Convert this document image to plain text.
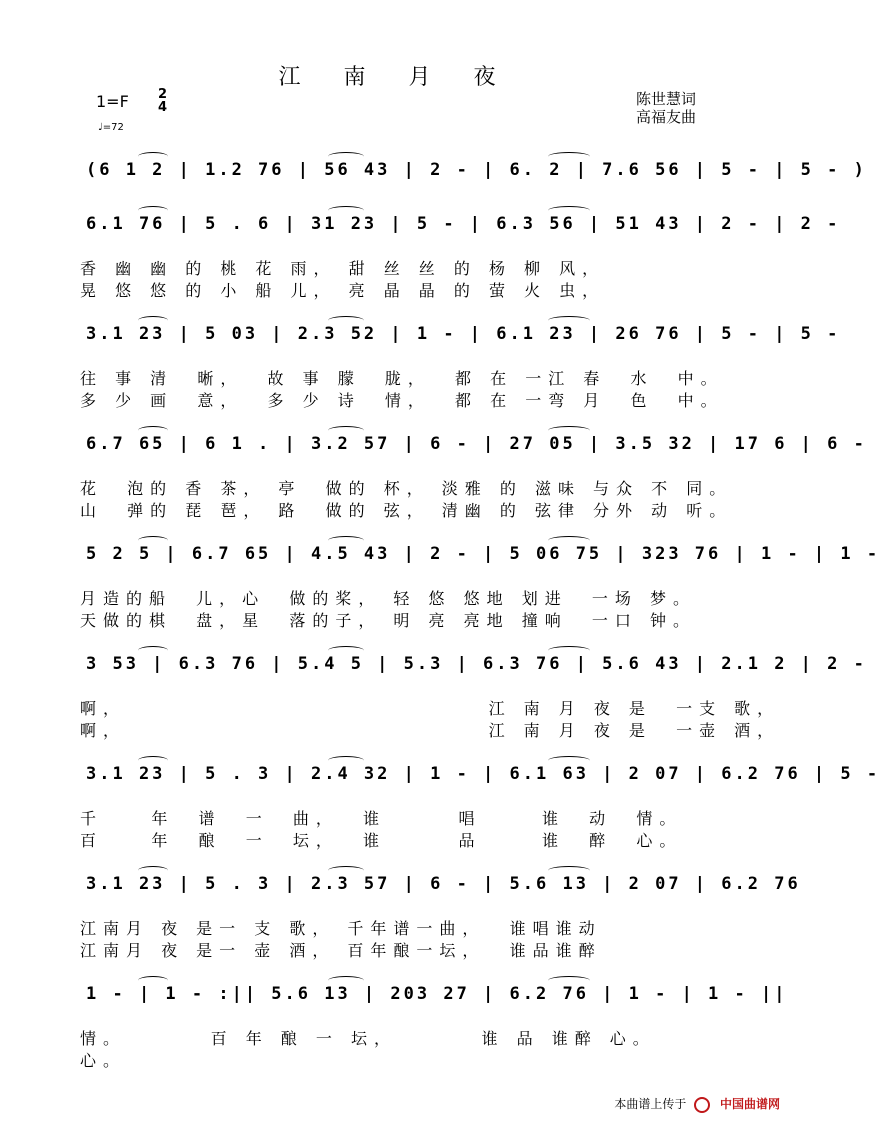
江 南 月 夜
1=F 2
4
♩=72
陈世慧词
高福友曲
(6 1 2 | 1.2 76 | 56 43 | 2 - | 6. 2 | 7.6 56 | 5 - | 5 - )
6.1 76 | 5 . 6 | 31 23 | 5 - | 6.3 56 | 51 43 | 2 - | 2 -
香 幽 幽 的 桃 花 雨， 甜 丝 丝 的 杨 柳 风，
晃 悠 悠 的 小 船 儿， 亮 晶 晶 的 萤 火 虫，
3.1 23 | 5 03 | 2.3 52 | 1 - | 6.1 23 | 26 76 | 5 - | 5 -
往 事 清  晰，  故 事 朦  胧，  都 在 一江 春  水  中。
多 少 画  意，  多 少 诗  情，  都 在 一弯 月  色  中。
6.7 65 | 6 1 . | 3.2 57 | 6 - | 27 05 | 3.5 32 | 17 6 | 6 -
花  泡的 香 茶， 亭  做的 杯， 淡雅 的 滋味 与众 不 同。
山  弹的 琵 琶， 路  做的 弦， 清幽 的 弦律 分外 动 听。
5 2 5 | 6.7 65 | 4.5 43 | 2 - | 5 06 75 | 323 76 | 1 - | 1 -
月造的船  儿，心  做的桨， 轻 悠 悠地 划进  一场 梦。
天做的棋  盘，星  落的子， 明 亮 亮地 撞响  一口 钟。
3 53 | 6.3 76 | 5.4 5 | 5.3 | 6.3 76 | 5.6 43 | 2.1 2 | 2 -
啊，                              江 南 月 夜 是  一支 歌，
啊，                              江 南 月 夜 是  一壶 酒，
3.1 23 | 5 . 3 | 2.4 32 | 1 - | 6.1 63 | 2 07 | 6.2 76 | 5 -
千    年  谱  一  曲，  谁      唱     谁  动  情。
百    年  酿  一  坛，  谁      品     谁  醉  心。
3.1 23 | 5 . 3 | 2.3 57 | 6 - | 5.6 13 | 2 07 | 6.2 76
江南月 夜 是一 支 歌， 千年谱一曲，  谁唱谁动
江南月 夜 是一 壶 酒， 百年酿一坛，  谁品谁醉
1 - | 1 - :|| 5.6 13 | 203 27 | 6.2 76 | 1 - | 1 - ||
情。       百 年 酿 一 坛，       谁 品 谁醉 心。
心。
本曲谱上传于	中国曲谱网
